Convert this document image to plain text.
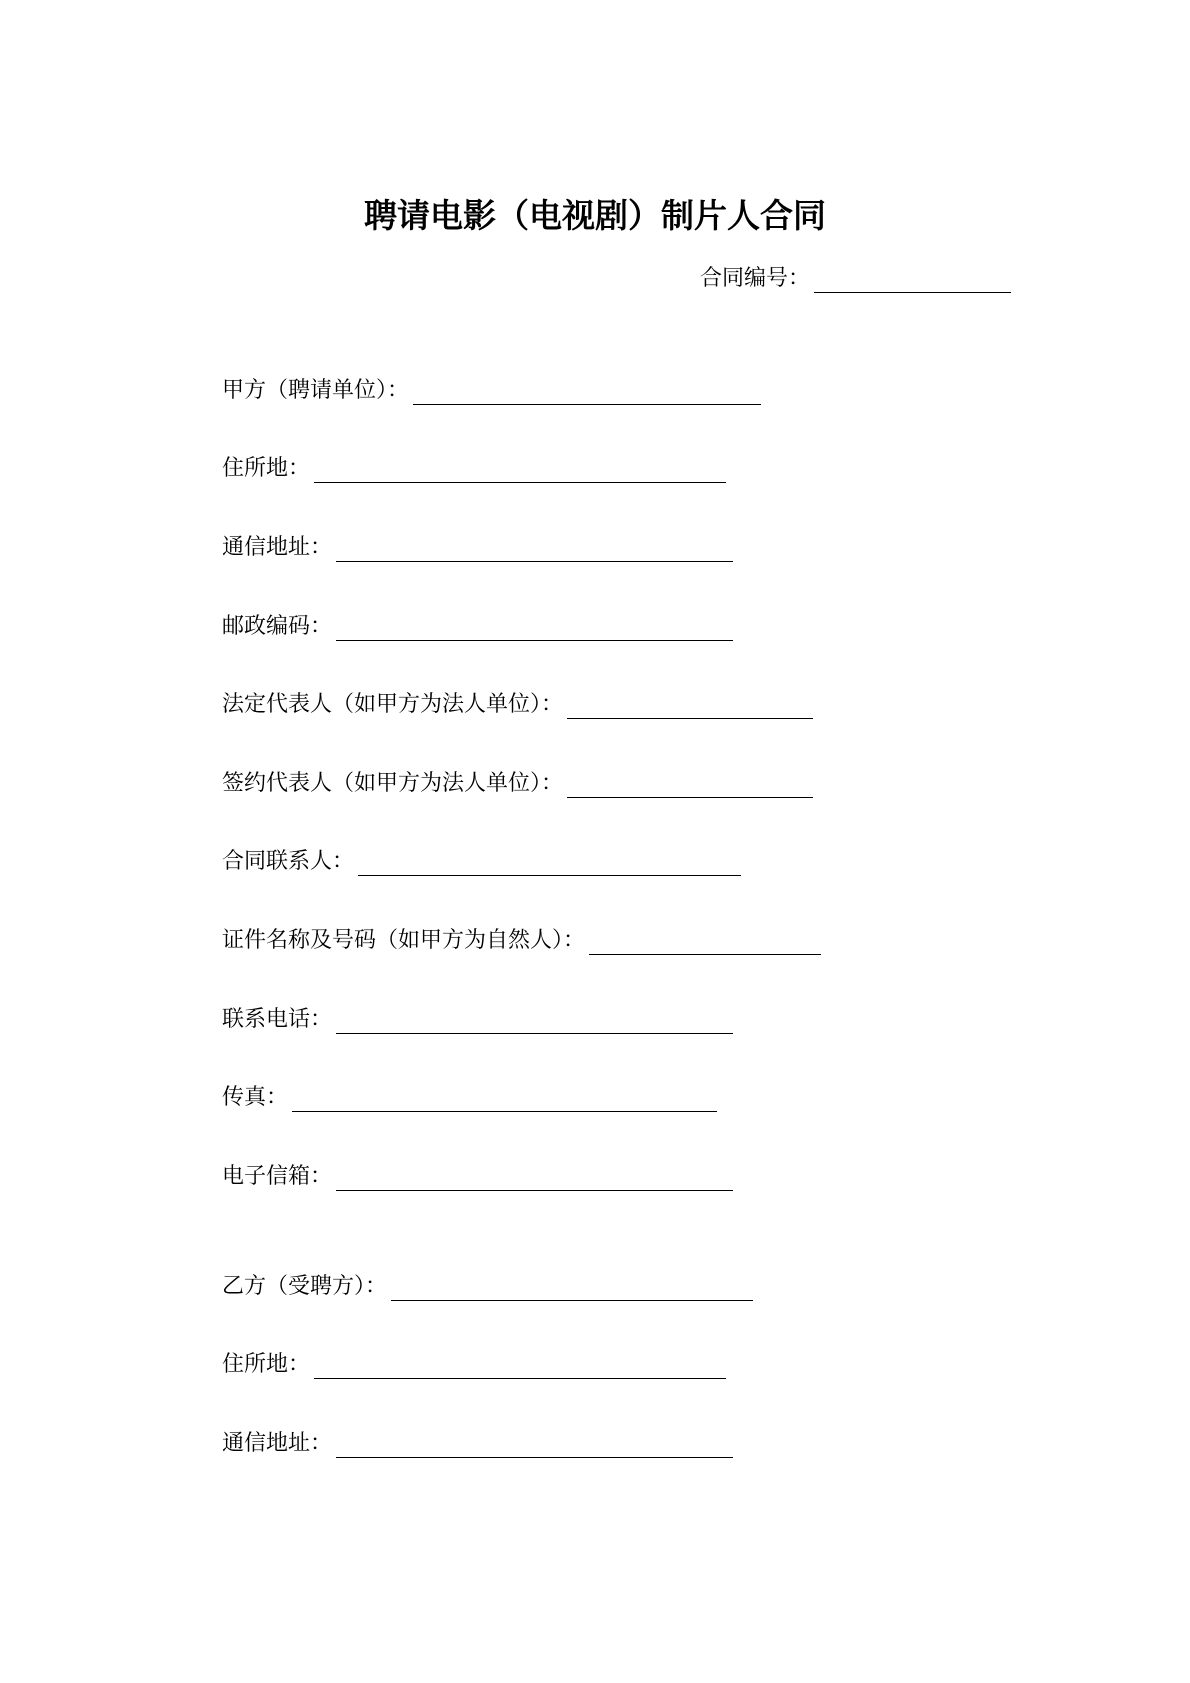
聘请电影（电视剧）制片人合同
合同编号：
甲方（聘请单位）：
住所地：
通信地址：
邮政编码：
法定代表人（如甲方为法人单位）：
签约代表人（如甲方为法人单位）：
合同联系人：
证件名称及号码（如甲方为自然人）：
联系电话：
传真：
电子信箱：
乙方（受聘方）：
住所地：
通信地址：
